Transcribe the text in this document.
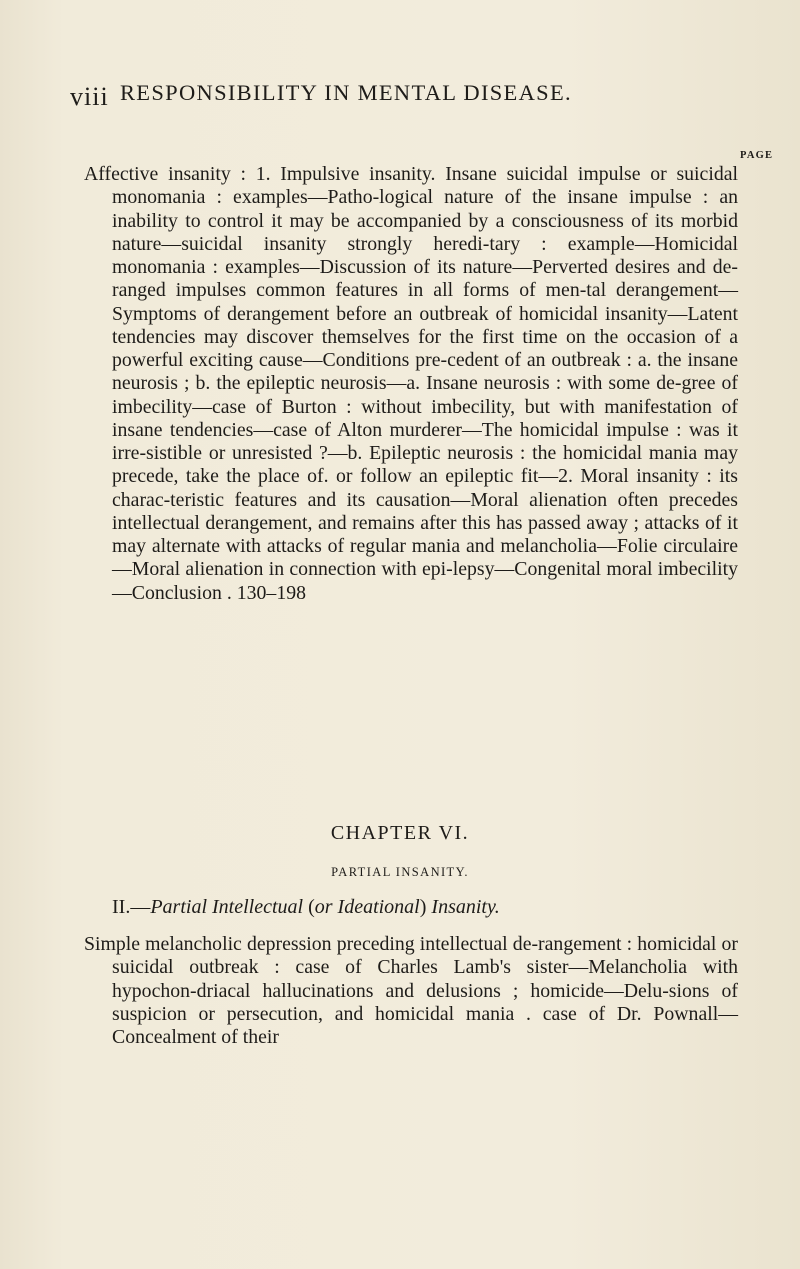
viii RESPONSIBILITY IN MENTAL DISEASE.
PAGE
Affective insanity : 1. Impulsive insanity. Insane suicidal impulse or suicidal monomania : examples—Patho-logical nature of the insane impulse : an inability to control it may be accompanied by a consciousness of its morbid nature—suicidal insanity strongly heredi-tary : example—Homicidal monomania : examples—Discussion of its nature—Perverted desires and de-ranged impulses common features in all forms of men-tal derangement—Symptoms of derangement before an outbreak of homicidal insanity—Latent tendencies may discover themselves for the first time on the occasion of a powerful exciting cause—Conditions pre-cedent of an outbreak : a. the insane neurosis ; b. the epileptic neurosis—a. Insane neurosis : with some de-gree of imbecility—case of Burton : without imbecility, but with manifestation of insane tendencies—case of Alton murderer—The homicidal impulse : was it irre-sistible or unresisted ?—b. Epileptic neurosis : the homicidal mania may precede, take the place of. or follow an epileptic fit—2. Moral insanity : its charac-teristic features and its causation—Moral alienation often precedes intellectual derangement, and remains after this has passed away ; attacks of it may alternate with attacks of regular mania and melancholia—Folie circulaire—Moral alienation in connection with epi-lepsy—Congenital moral imbecility—Conclusion . 130–198
CHAPTER VI.
PARTIAL INSANITY.
II.—Partial Intellectual (or Ideational) Insanity.
Simple melancholic depression preceding intellectual de-rangement : homicidal or suicidal outbreak : case of Charles Lamb's sister—Melancholia with hypochon-driacal hallucinations and delusions ; homicide—Delu-sions of suspicion or persecution, and homicidal mania . case of Dr. Pownall—Concealment of their
